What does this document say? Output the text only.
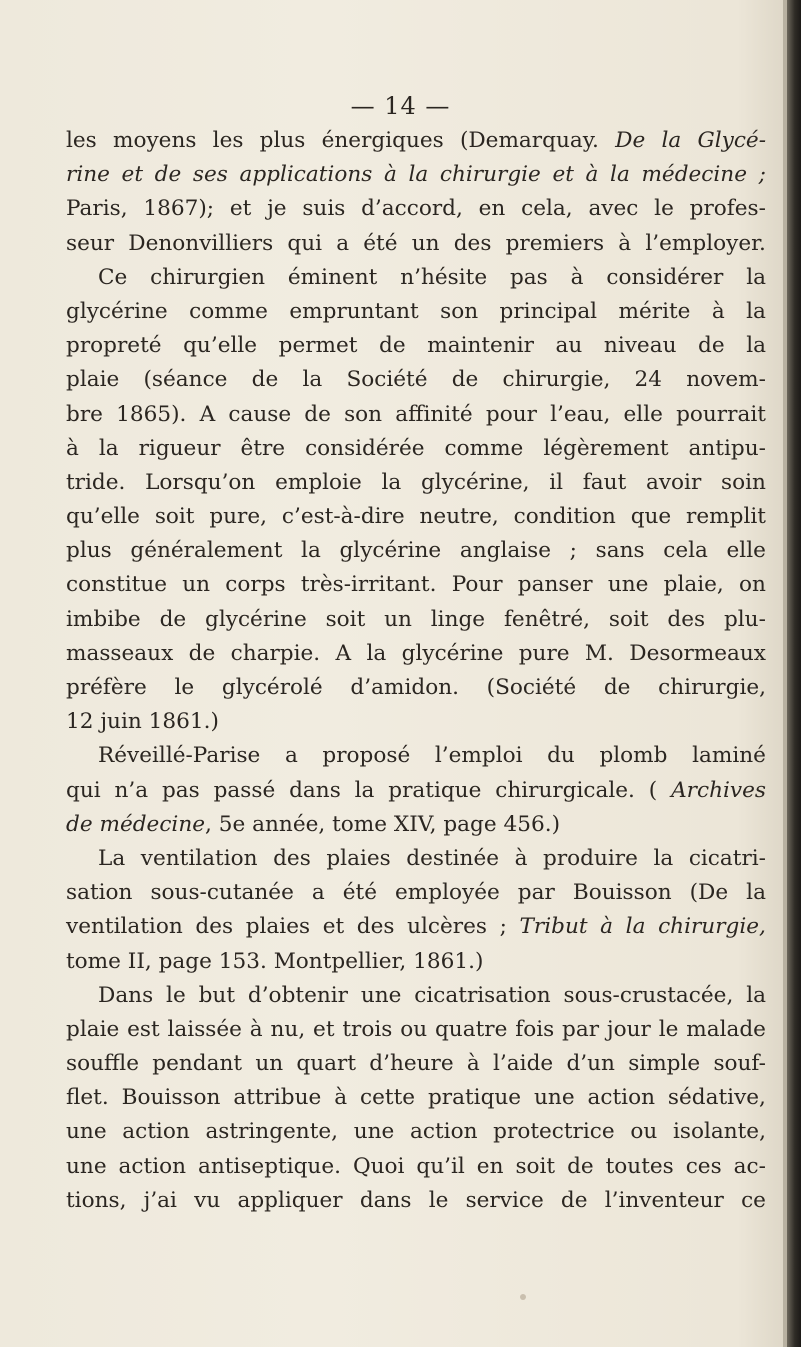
— 14 —
les moyens les plus énergiques (Demarquay. De la Glycé-
rine et de ses applications à la chirurgie et à la médecine ;
Paris, 1867); et je suis d’accord, en cela, avec le profes-
seur Denonvilliers qui a été un des premiers à l’employer.
Ce chirurgien éminent n’hésite pas à considérer la
glycérine comme empruntant son principal mérite à la
propreté qu’elle permet de maintenir au niveau de la
plaie (séance de la Société de chirurgie, 24 novem-
bre 1865). A cause de son affinité pour l’eau, elle pourrait
à la rigueur être considérée comme légèrement antipu-
tride. Lorsqu’on emploie la glycérine, il faut avoir soin
qu’elle soit pure, c’est-à-dire neutre, condition que remplit
plus généralement la glycérine anglaise ; sans cela elle
constitue un corps très-irritant. Pour panser une plaie, on
imbibe de glycérine soit un linge fenêtré, soit des plu-
masseaux de charpie. A la glycérine pure M. Desormeaux
préfère le glycérolé d’amidon. (Société de chirurgie,
12 juin 1861.)
Réveillé-Parise a proposé l’emploi du plomb laminé
qui n’a pas passé dans la pratique chirurgicale. ( Archives
de médecine , 5e année, tome XIV, page 456.)
La ventilation des plaies destinée à produire la cicatri-
sation sous-cutanée a été employée par Bouisson (De la
ventilation des plaies et des ulcères ; Tribut à la chirurgie,
tome II, page 153. Montpellier, 1861.)
Dans le but d’obtenir une cicatrisation sous-crustacée, la
plaie est laissée à nu, et trois ou quatre fois par jour le malade
souffle pendant un quart d’heure à l’aide d’un simple souf-
flet. Bouisson attribue à cette pratique une action sédative,
une action astringente, une action protectrice ou isolante,
une action antiseptique. Quoi qu’il en soit de toutes ces ac-
tions, j’ai vu appliquer dans le service de l’inventeur ce
